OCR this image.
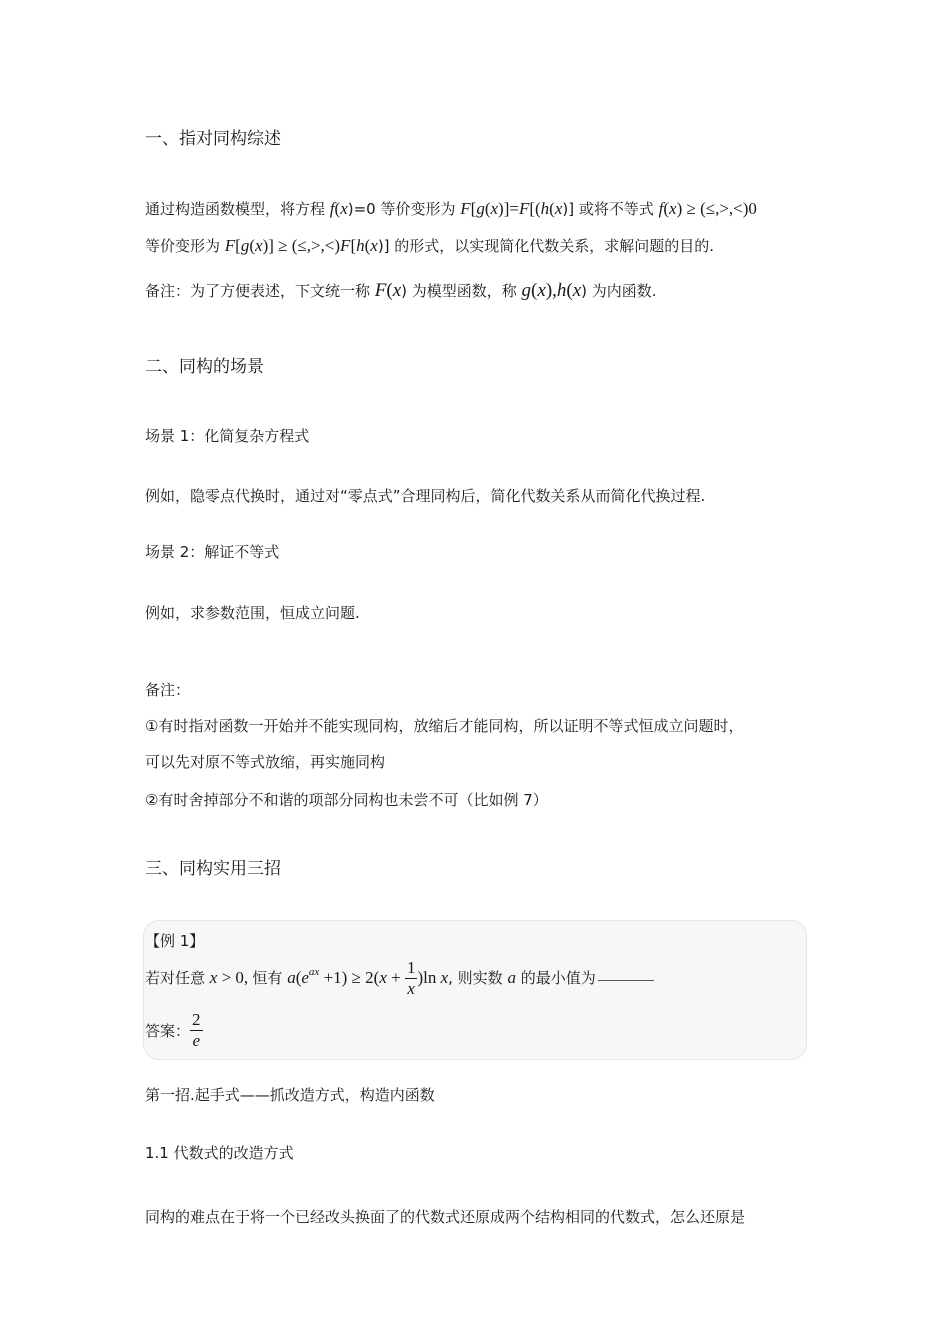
一、指对同构综述
通过构造函数模型，将方程 f(x)=0 等价变形为 F[g(x)]=F[(h(x)] 或将不等式 f(x) ≥ (≤,>,<)0
等价变形为 F[g(x)] ≥ (≤,>,<)F[h(x)] 的形式，以实现简化代数关系，求解问题的目的.
备注：为了方便表述，下文统一称 F(x) 为模型函数，称 g(x),h(x) 为内函数.
二、同构的场景
场景 1：化简复杂方程式
例如，隐零点代换时，通过对“零点式”合理同构后，简化代数关系从而简化代换过程.
场景 2：解证不等式
例如，求参数范围，恒成立问题.
备注：
①有时指对函数一开始并不能实现同构，放缩后才能同构，所以证明不等式恒成立问题时，
可以先对原不等式放缩，再实施同构
②有时舍掉部分不和谐的项部分同构也未尝不可（比如例 7）
三、同构实用三招
【例 1】
若对任意 x > 0, 恒有 $a(e^{ax} +1) \ge 2(x + \frac{1}{x} )\ln$ x, 则实数 a 的最小值为
答案： $\frac{2}{e}$
第一招.起手式——抓改造方式，构造内函数
1.1 代数式的改造方式
同构的难点在于将一个已经改头换面了的代数式还原成两个结构相同的代数式，怎么还原是
